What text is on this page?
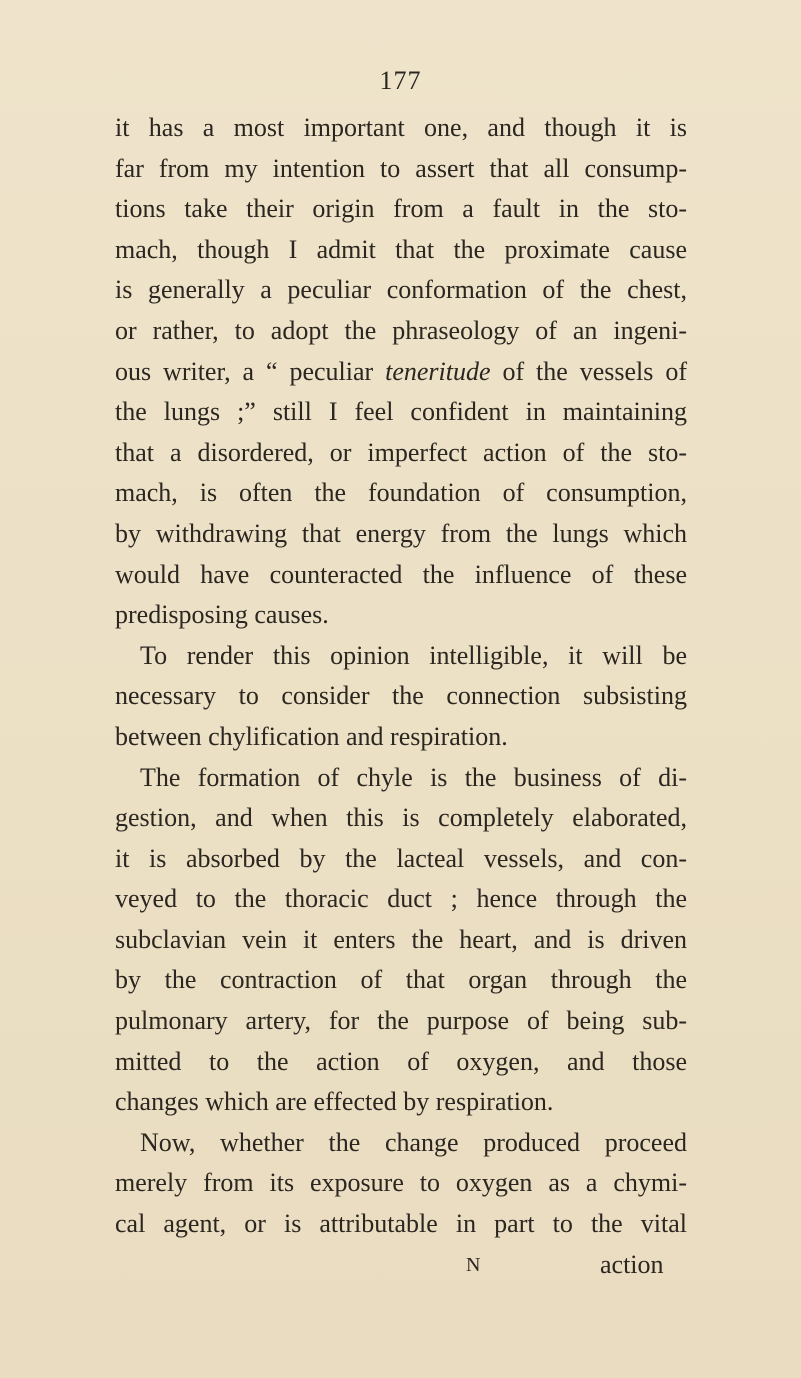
177
it has a most important one, and though it is
far from my intention to assert that all consump-
tions take their origin from a fault in the sto-
mach, though I admit that the proximate cause
is generally a peculiar conformation of the chest,
or rather, to adopt the phraseology of an ingeni-
ous writer, a “ peculiar teneritude of the vessels of
the lungs ;” still I feel confident in maintaining
that a disordered, or imperfect action of the sto-
mach, is often the foundation of consumption,
by withdrawing that energy from the lungs which
would have counteracted the influence of these
predisposing causes.
To render this opinion intelligible, it will be
necessary to consider the connection subsisting
between chylification and respiration.
The formation of chyle is the business of di-
gestion, and when this is completely elaborated,
it is absorbed by the lacteal vessels, and con-
veyed to the thoracic duct ; hence through the
subclavian vein it enters the heart, and is driven
by the contraction of that organ through the
pulmonary artery, for the purpose of being sub-
mitted to the action of oxygen, and those
changes which are effected by respiration.
Now, whether the change produced proceed
merely from its exposure to oxygen as a chymi-
cal agent, or is attributable in part to the vital
N	action
